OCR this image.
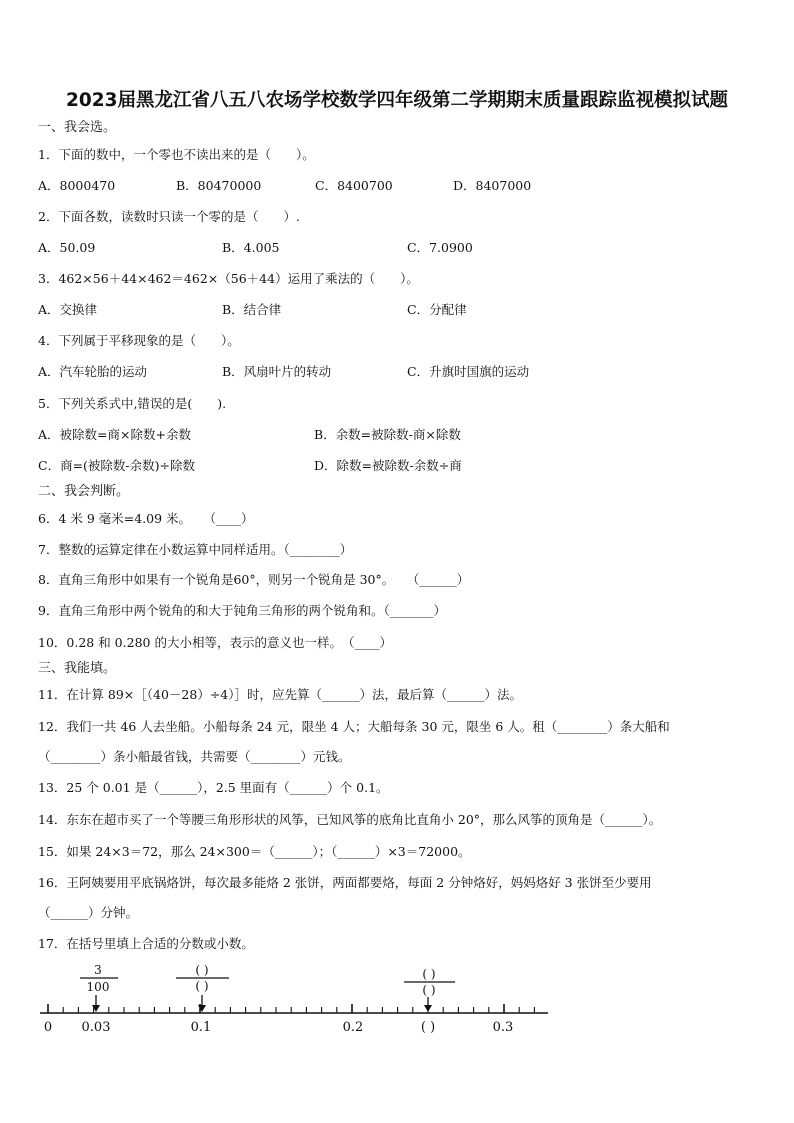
2023届黑龙江省八五八农场学校数学四年级第二学期期末质量跟踪监视模拟试题
一、我会选。
1．下面的数中，一个零也不读出来的是（　　）。
A．8000470	B．80470000	C．8400700	D．8407000
2．下面各数，读数时只读一个零的是（　　）.
A．50.09	B．4.005	C．7.0900
3．462×56＋44×462＝462×（56＋44）运用了乘法的（　　）。
A．交换律	B．结合律	C．分配律
4．下列属于平移现象的是（　　）。
A．汽车轮胎的运动	B．风扇叶片的转动	C．升旗时国旗的运动
5．下列关系式中,错误的是(　　).
A．被除数=商×除数+余数	B．余数=被除数-商×除数
C．商=(被除数-余数)÷除数	D．除数=被除数-余数÷商
二、我会判断。
6．4 米 9 毫米=4.09 米。　　（____）
7．整数的运算定律在小数运算中同样适用。（________）
8．直角三角形中如果有一个锐角是60°，则另一个锐角是 30°。　　（______）
9．直角三角形中两个锐角的和大于钝角三角形的两个锐角和。（_______）
10．0.28 和 0.280 的大小相等，表示的意义也一样。　（____）
三、我能填。
11．在计算 89×［（40－28）÷4）］时，应先算（______）法，最后算（______）法。
12．我们一共 46 人去坐船。小船每条 24 元，限坐 4 人；大船每条 30 元，限坐 6 人。租（________）条大船和
（________）条小船最省钱，共需要（________）元钱。
13．25 个 0.01 是（______），2.5 里面有（______）个 0.1。
14．东东在超市买了一个等腰三角形形状的风筝，已知风筝的底角比直角小 20°，那么风筝的顶角是（______）。
15．如果 24×3＝72，那么 24×300＝（______）；（______）×3＝72000。
16．王阿姨要用平底锅烙饼，每次最多能烙 2 张饼，两面都要烙，每面 2 分钟烙好，妈妈烙好 3 张饼至少要用
（______）分钟。
17．在括号里填上合适的分数或小数。
3
100
( )
( )
( )
( )
0 0.03	0.1	0.2	( )	0.3
